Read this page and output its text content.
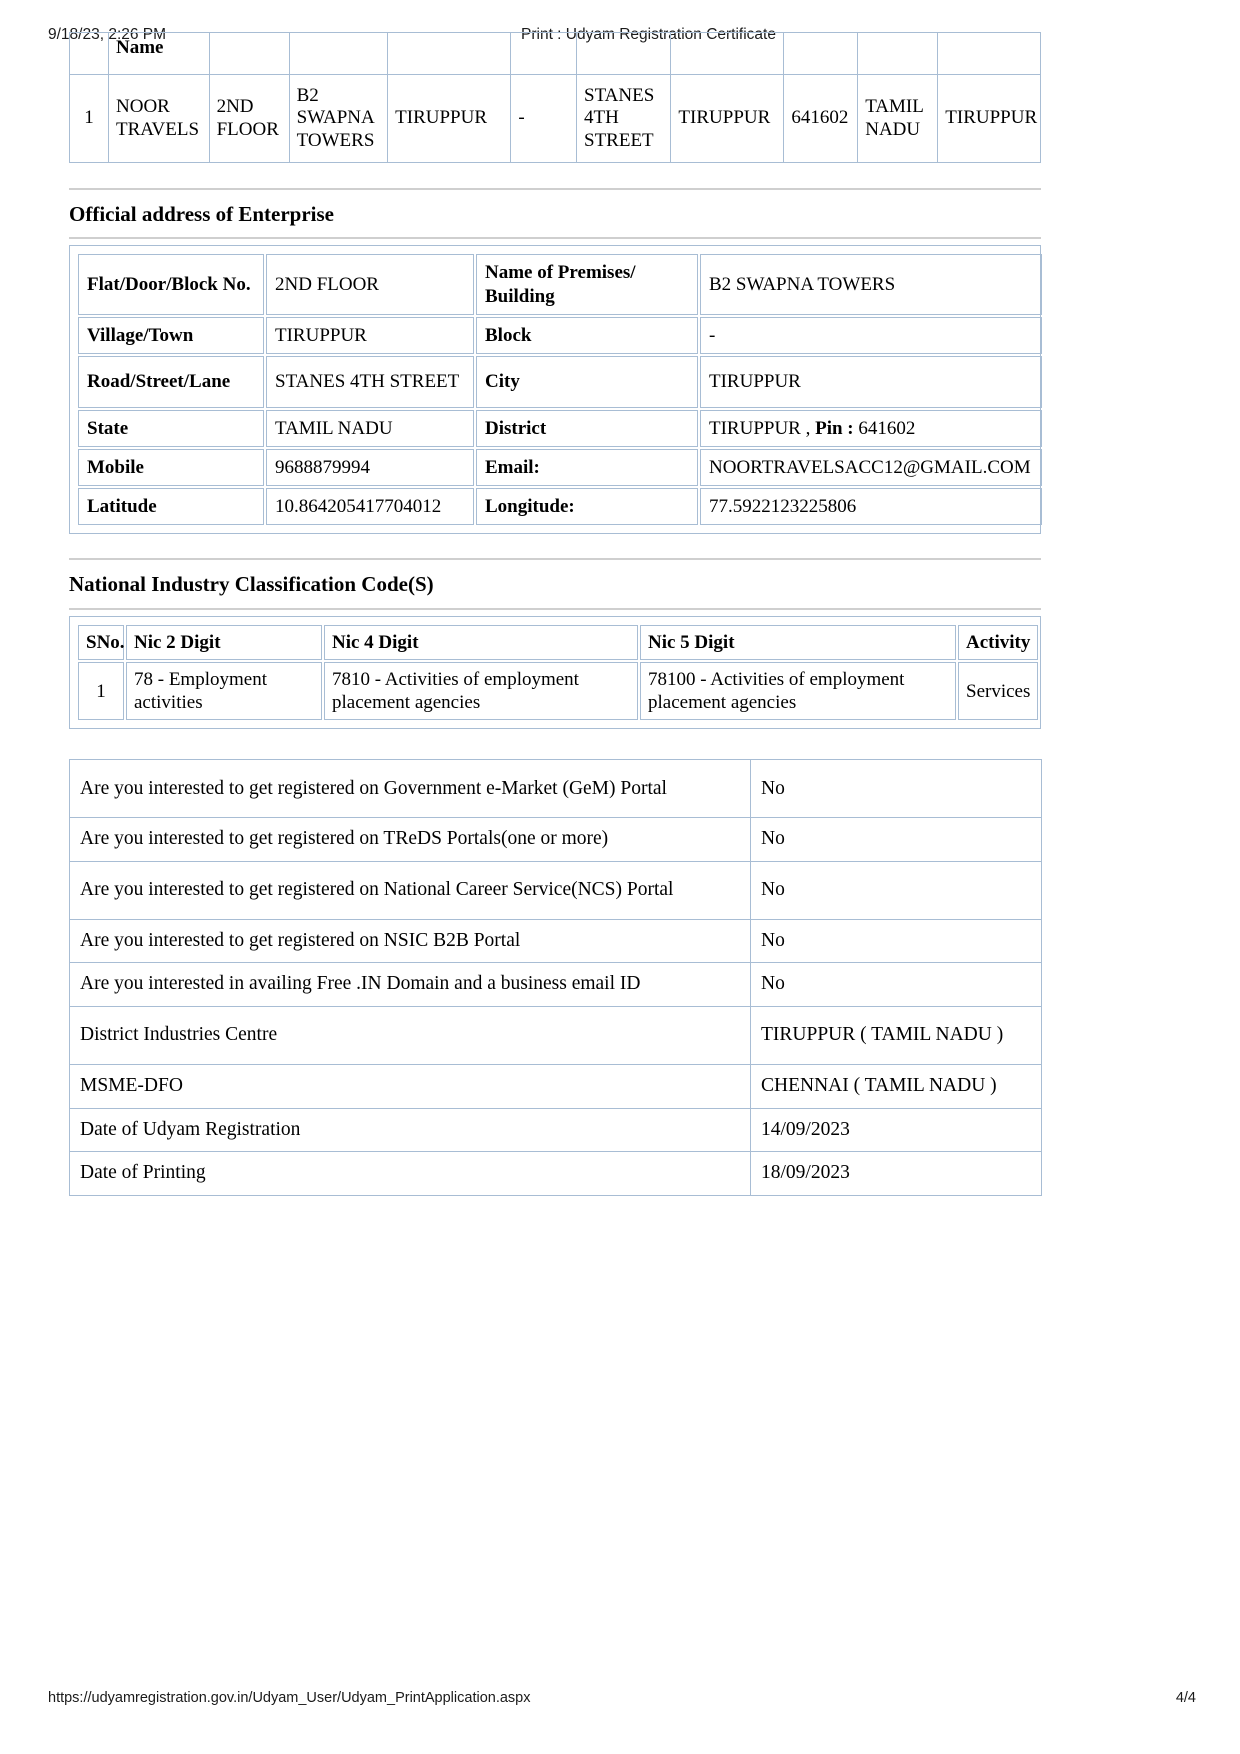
9/18/23, 2:26 PM	Print : Udyam Registration Certificate
	Name									
1	NOOR TRAVELS	2ND FLOOR	B2 SWAPNA TOWERS	TIRUPPUR	-	STANES 4TH STREET	TIRUPPUR	641602	TAMIL NADU	TIRUPPUR
Official address of Enterprise
Flat/Door/Block No.	2ND FLOOR	Name of Premises/ Building	B2 SWAPNA TOWERS
Village/Town	TIRUPPUR	Block	-
Road/Street/Lane	STANES 4TH STREET	City	TIRUPPUR
State	TAMIL NADU	District	TIRUPPUR , Pin : 641602
Mobile	9688879994	Email:	NOORTRAVELSACC12@GMAIL.COM
Latitude	10.864205417704012	Longitude:	77.5922123225806
National Industry Classification Code(S)
SNo.	Nic 2 Digit	Nic 4 Digit	Nic 5 Digit	Activity
1	78 - Employment activities	7810 - Activities of employment placement agencies	78100 - Activities of employment placement agencies	Services
Are you interested to get registered on Government e-Market (GeM) Portal	No
Are you interested to get registered on TReDS Portals(one or more)	No
Are you interested to get registered on National Career Service(NCS) Portal	No
Are you interested to get registered on NSIC B2B Portal	No
Are you interested in availing Free .IN Domain and a business email ID	No
District Industries Centre	TIRUPPUR ( TAMIL NADU )
MSME-DFO	CHENNAI ( TAMIL NADU )
Date of Udyam Registration	14/09/2023
Date of Printing	18/09/2023
https://udyamregistration.gov.in/Udyam_User/Udyam_PrintApplication.aspx	4/4
